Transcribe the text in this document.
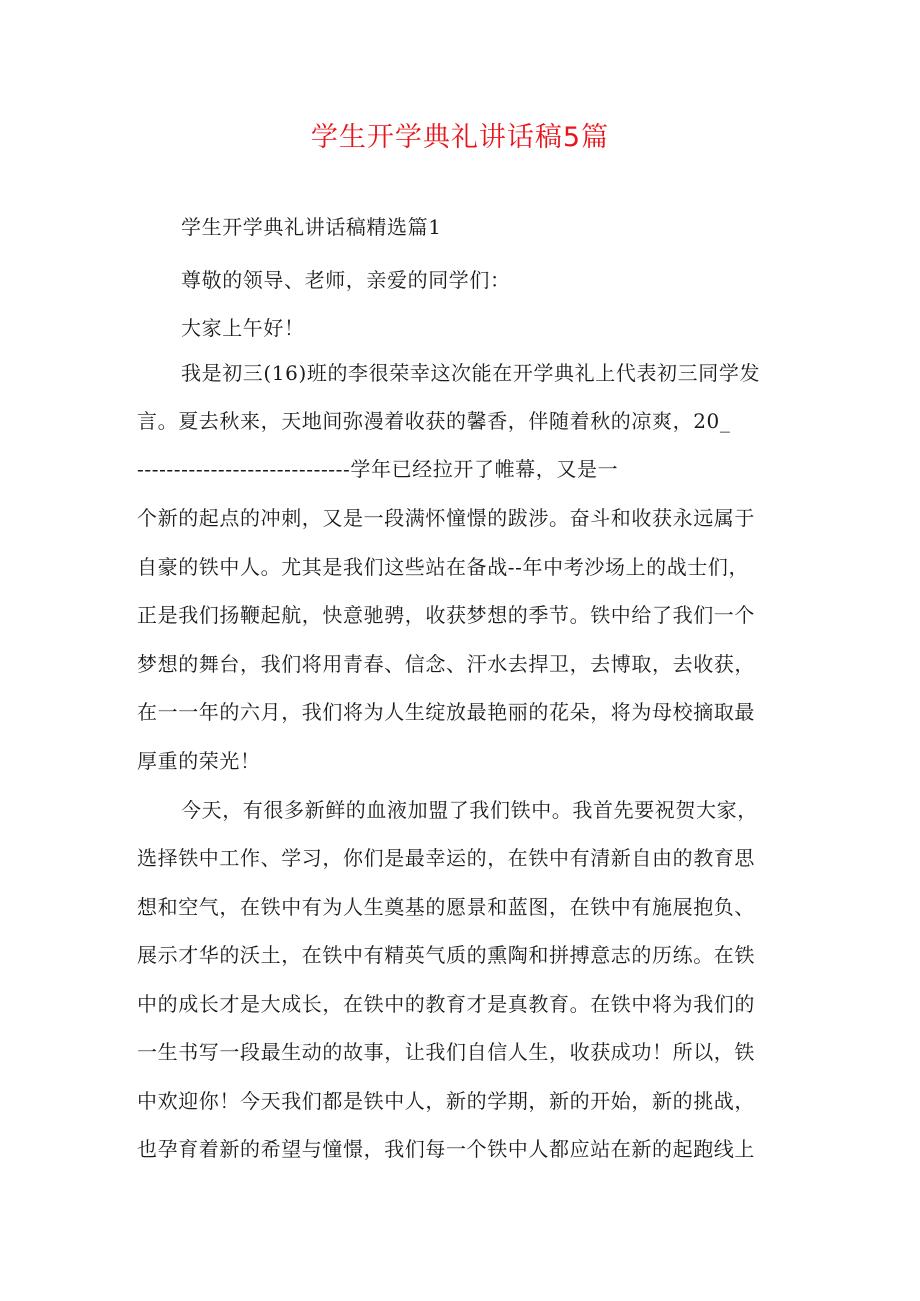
学生开学典礼讲话稿5篇
学生开学典礼讲话稿精选篇1
尊敬的领导、老师，亲爱的同学们：
大家上午好！
我是初三(16)班的李很荣幸这次能在开学典礼上代表初三同学发
言。夏去秋来，天地间弥漫着收获的馨香，伴随着秋的凉爽，20_
-----------------------------学年已经拉开了帷幕，又是一
个新的起点的冲刺，又是一段满怀憧憬的跋涉。奋斗和收获永远属于
自豪的铁中人。尤其是我们这些站在备战--年中考沙场上的战士们，
正是我们扬鞭起航，快意驰骋，收获梦想的季节。铁中给了我们一个
梦想的舞台，我们将用青春、信念、汗水去捍卫，去博取，去收获，
在一一年的六月，我们将为人生绽放最艳丽的花朵，将为母校摘取最
厚重的荣光！
今天，有很多新鲜的血液加盟了我们铁中。我首先要祝贺大家，
选择铁中工作、学习，你们是最幸运的，在铁中有清新自由的教育思
想和空气，在铁中有为人生奠基的愿景和蓝图，在铁中有施展抱负、
展示才华的沃土，在铁中有精英气质的熏陶和拼搏意志的历练。在铁
中的成长才是大成长，在铁中的教育才是真教育。在铁中将为我们的
一生书写一段最生动的故事，让我们自信人生，收获成功！所以，铁
中欢迎你！今天我们都是铁中人，新的学期，新的开始，新的挑战，
也孕育着新的希望与憧憬，我们每一个铁中人都应站在新的起跑线上
